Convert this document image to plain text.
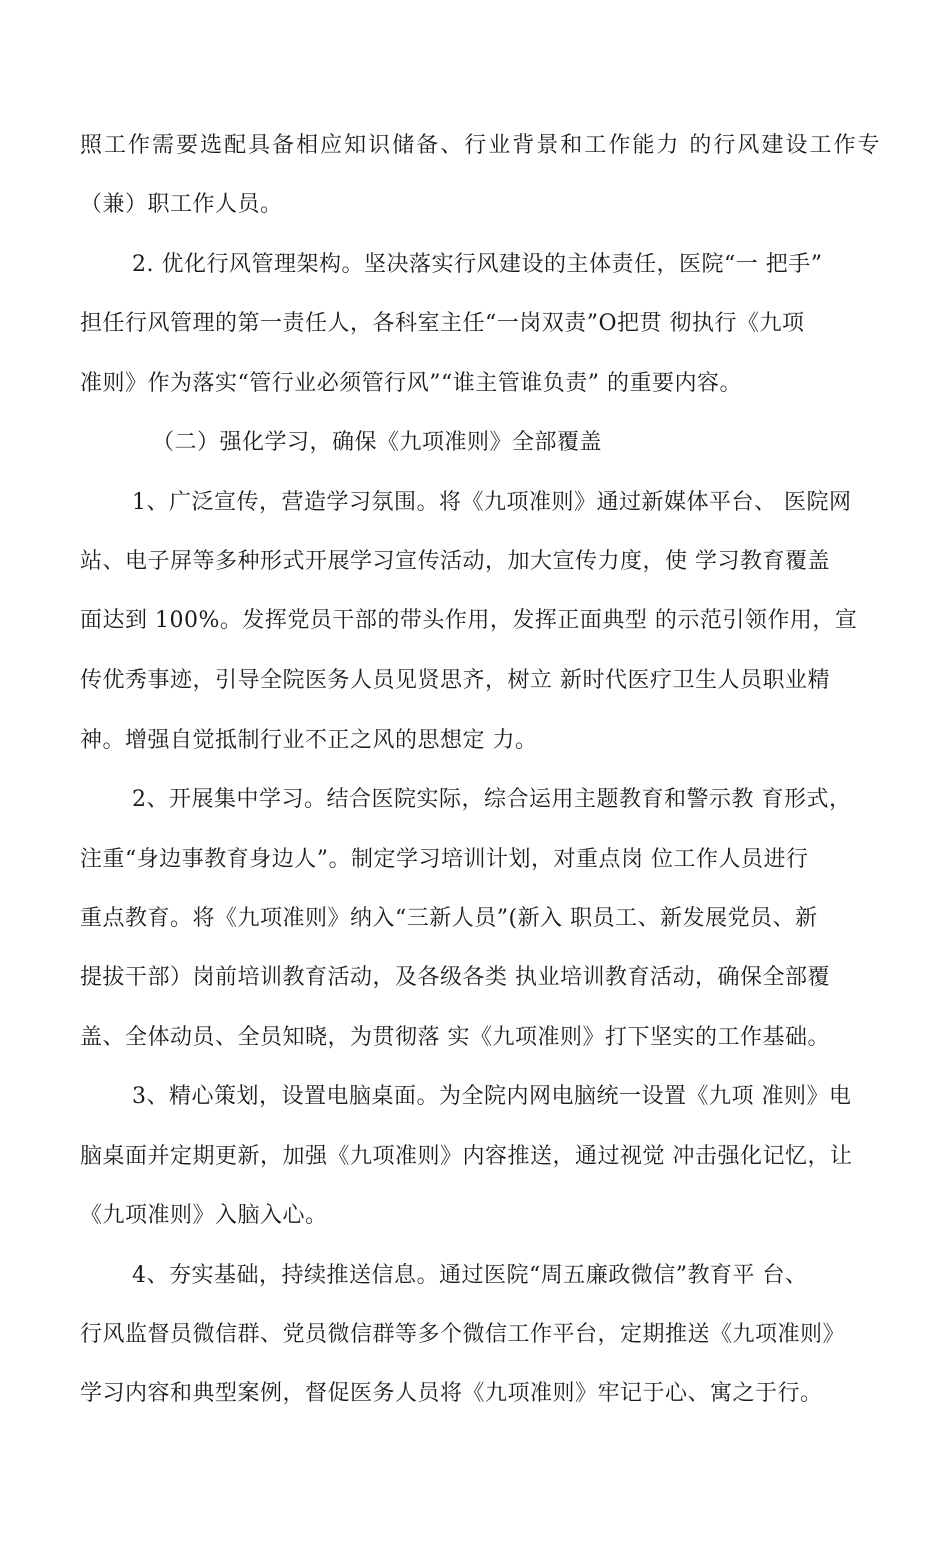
照工作需要选配具备相应知识储备、行业背景和工作能力 的行风建设工作专
（兼）职工作人员。
2. 优化行风管理架构。坚决落实行风建设的主体责任，医院“一 把手”
担任行风管理的第一责任人，各科室主任“一岗双责”O把贯 彻执行《九项
准则》作为落实“管行业必须管行风”“谁主管谁负责” 的重要内容。
（二）强化学习，确保《九项准则》全部覆盖
1、广泛宣传，营造学习氛围。将《九项准则》通过新媒体平台、 医院网
站、电子屏等多种形式开展学习宣传活动，加大宣传力度，使 学习教育覆盖
面达到 100%。发挥党员干部的带头作用，发挥正面典型 的示范引领作用，宣
传优秀事迹，引导全院医务人员见贤思齐，树立 新时代医疗卫生人员职业精
神。增强自觉抵制行业不正之风的思想定 力。
2、开展集中学习。结合医院实际，综合运用主题教育和警示教 育形式，
注重“身边事教育身边人”。制定学习培训计划，对重点岗 位工作人员进行
重点教育。将《九项准则》纳入“三新人员”(新入 职员工、新发展党员、新
提拔干部）岗前培训教育活动，及各级各类 执业培训教育活动，确保全部覆
盖、全体动员、全员知晓，为贯彻落 实《九项准则》打下坚实的工作基础。
3、精心策划，设置电脑桌面。为全院内网电脑统一设置《九项 准则》电
脑桌面并定期更新，加强《九项准则》内容推送，通过视觉 冲击强化记忆，让
《九项准则》入脑入心。
4、夯实基础，持续推送信息。通过医院“周五廉政微信”教育平 台、
行风监督员微信群、党员微信群等多个微信工作平台，定期推送《九项准则》
学习内容和典型案例，督促医务人员将《九项准则》牢记于心、寓之于行。
